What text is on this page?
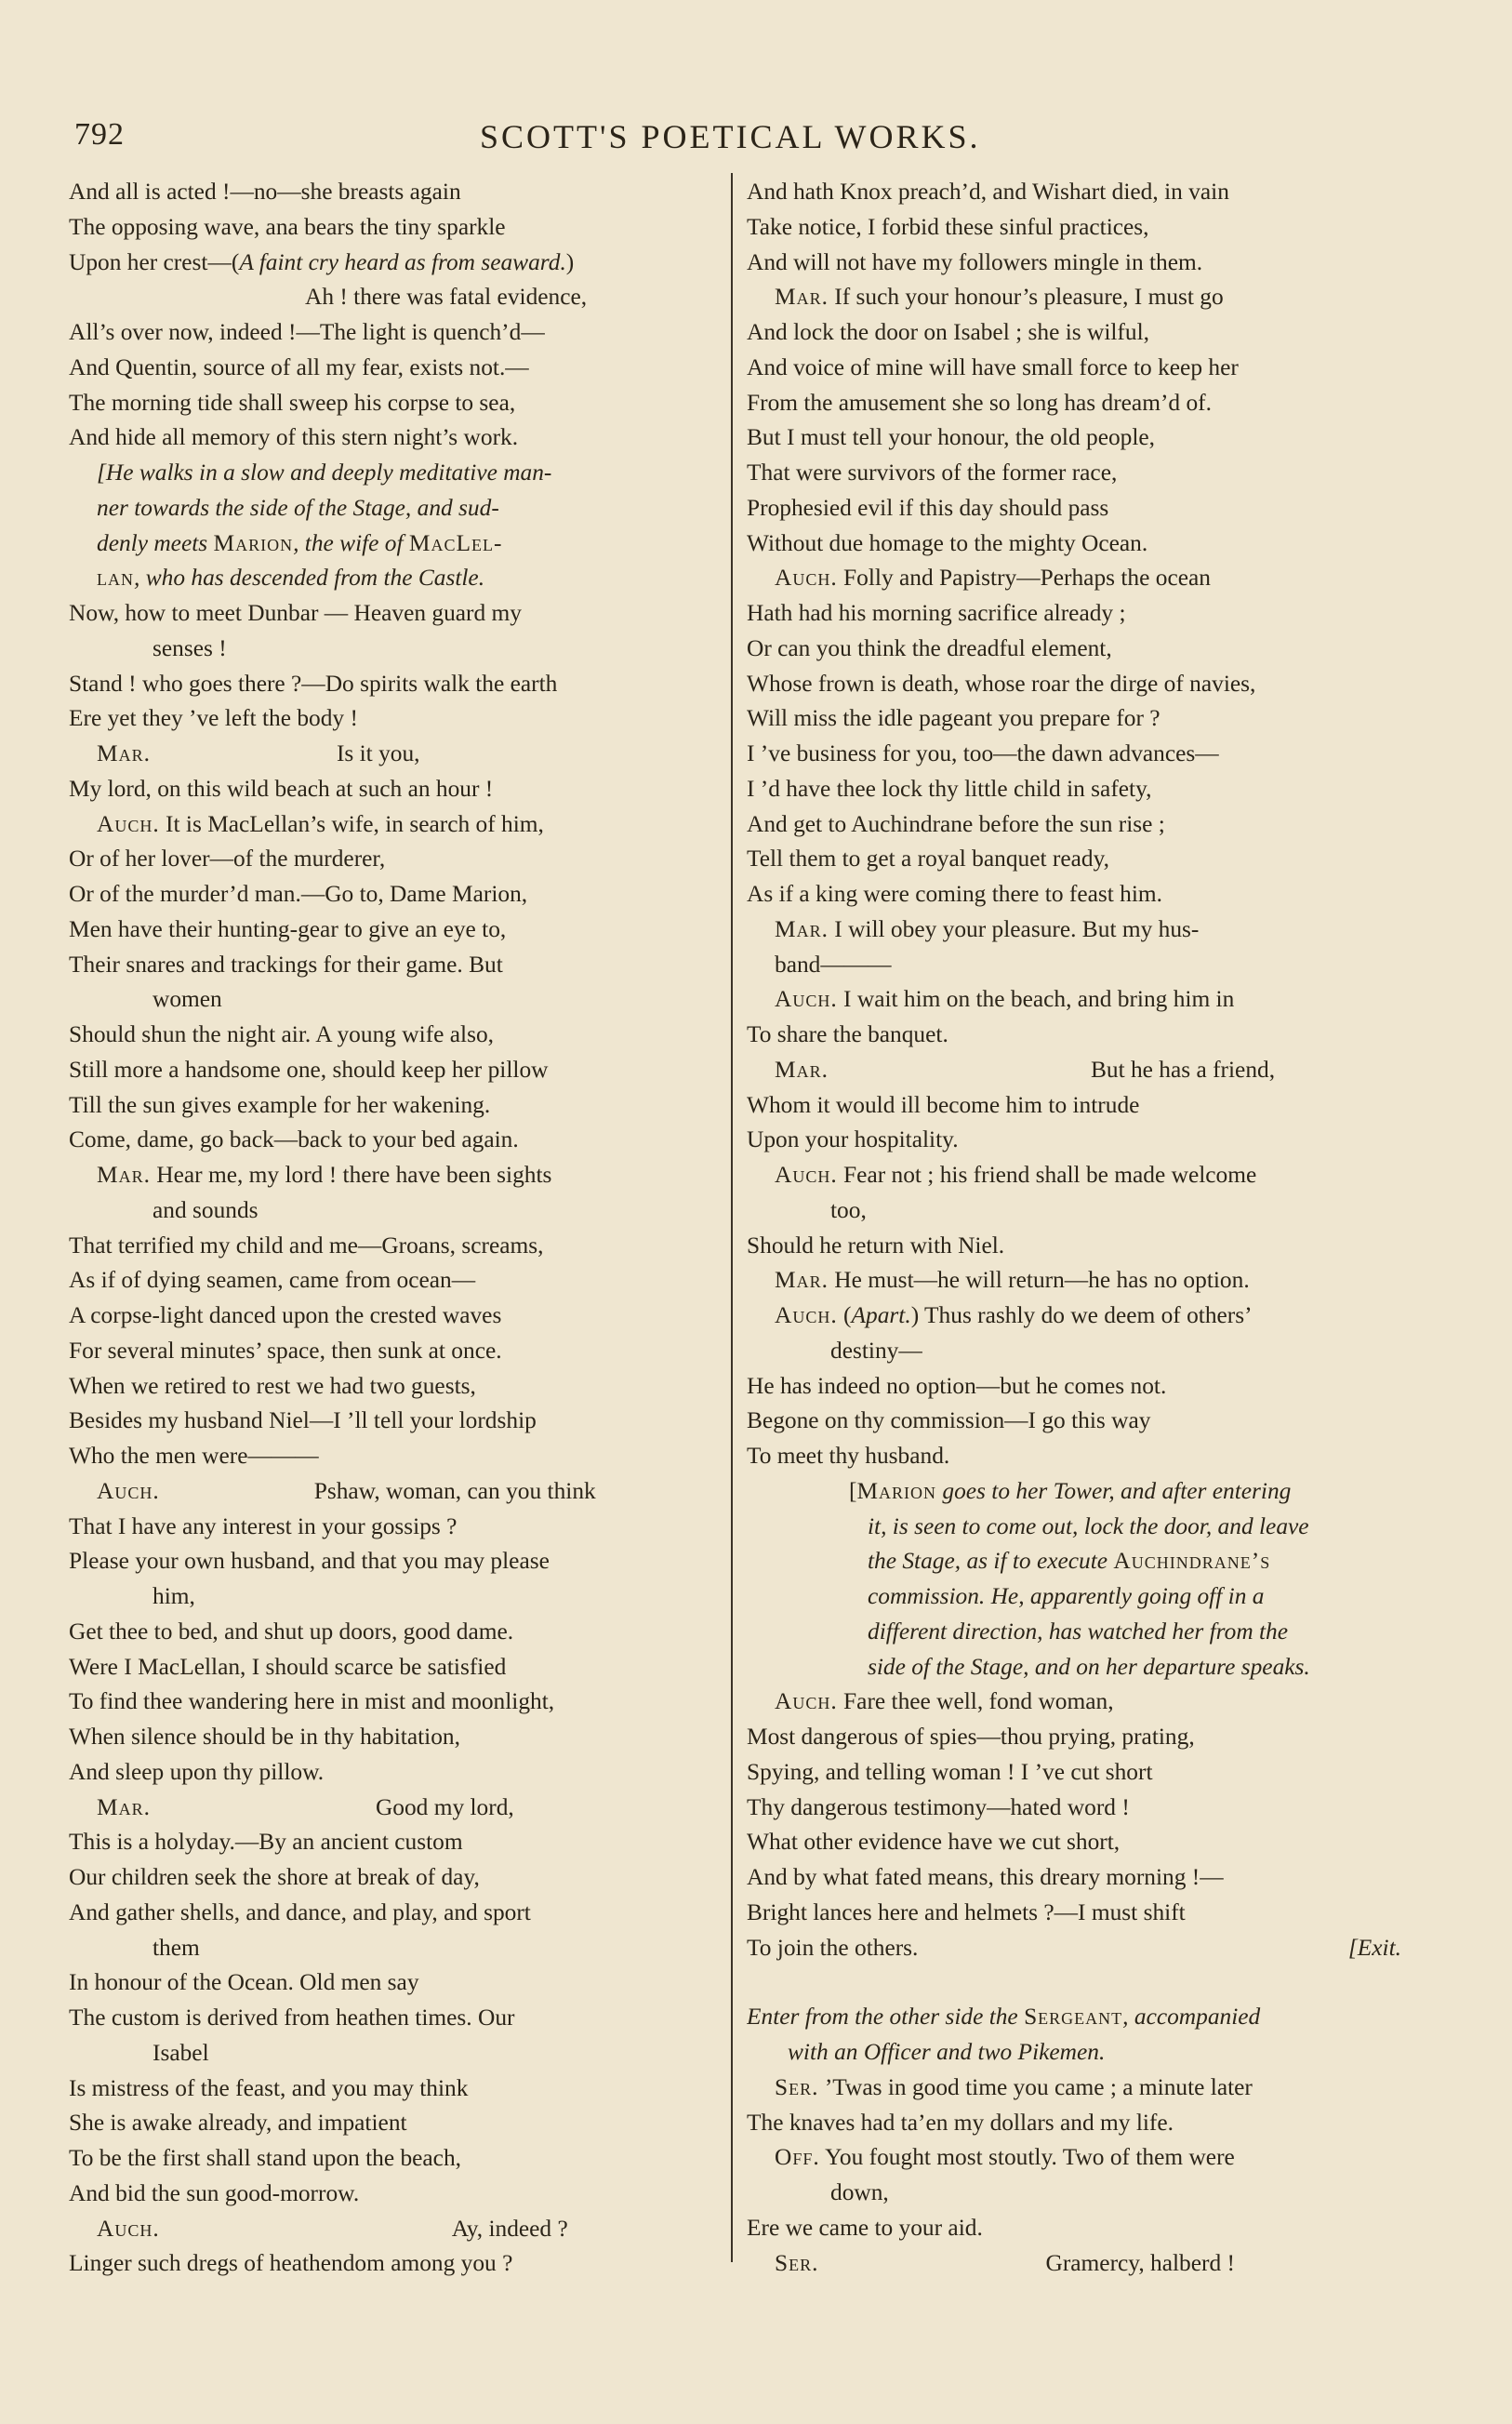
792	SCOTT'S POETICAL WORKS.
And all is acted !—no—she breasts again
The opposing wave, ana bears the tiny sparkle
Upon her crest—(A faint cry heard as from seaward.)
Ah ! there was fatal evidence,
All’s over now, indeed !—The light is quench’d—
And Quentin, source of all my fear, exists not.—
The morning tide shall sweep his corpse to sea,
And hide all memory of this stern night’s work.
[He walks in a slow and deeply meditative man-
ner towards the side of the Stage, and sud-
denly meets Marion, the wife of MacLel-
lan, who has descended from the Castle.
Now, how to meet Dunbar — Heaven guard my
senses !
Stand ! who goes there ?—Do spirits walk the earth
Ere yet they ’ve left the body !
Mar.	Is it you,
My lord, on this wild beach at such an hour !
Auch. It is MacLellan’s wife, in search of him,
Or of her lover—of the murderer,
Or of the murder’d man.—Go to, Dame Marion,
Men have their hunting-gear to give an eye to,
Their snares and trackings for their game. But
women
Should shun the night air. A young wife also,
Still more a handsome one, should keep her pillow
Till the sun gives example for her wakening.
Come, dame, go back—back to your bed again.
Mar. Hear me, my lord ! there have been sights
and sounds
That terrified my child and me—Groans, screams,
As if of dying seamen, came from ocean—
A corpse-light danced upon the crested waves
For several minutes’ space, then sunk at once.
When we retired to rest we had two guests,
Besides my husband Niel—I ’ll tell your lordship
Who the men were———
Auch.	Pshaw, woman, can you think
That I have any interest in your gossips ?
Please your own husband, and that you may please
him,
Get thee to bed, and shut up doors, good dame.
Were I MacLellan, I should scarce be satisfied
To find thee wandering here in mist and moonlight,
When silence should be in thy habitation,
And sleep upon thy pillow.
Mar.	Good my lord,
This is a holyday.—By an ancient custom
Our children seek the shore at break of day,
And gather shells, and dance, and play, and sport
them
In honour of the Ocean. Old men say
The custom is derived from heathen times. Our
Isabel
Is mistress of the feast, and you may think
She is awake already, and impatient
To be the first shall stand upon the beach,
And bid the sun good-morrow.
Auch.	Ay, indeed ?
Linger such dregs of heathendom among you ?
And hath Knox preach’d, and Wishart died, in vain
Take notice, I forbid these sinful practices,
And will not have my followers mingle in them.
Mar. If such your honour’s pleasure, I must go
And lock the door on Isabel ; she is wilful,
And voice of mine will have small force to keep her
From the amusement she so long has dream’d of.
But I must tell your honour, the old people,
That were survivors of the former race,
Prophesied evil if this day should pass
Without due homage to the mighty Ocean.
Auch. Folly and Papistry—Perhaps the ocean
Hath had his morning sacrifice already ;
Or can you think the dreadful element,
Whose frown is death, whose roar the dirge of navies,
Will miss the idle pageant you prepare for ?
I ’ve business for you, too—the dawn advances—
I ’d have thee lock thy little child in safety,
And get to Auchindrane before the sun rise ;
Tell them to get a royal banquet ready,
As if a king were coming there to feast him.
Mar. I will obey your pleasure. But my hus-
band———
Auch. I wait him on the beach, and bring him in
To share the banquet.
Mar.	But he has a friend,
Whom it would ill become him to intrude
Upon your hospitality.
Auch. Fear not ; his friend shall be made welcome
too,
Should he return with Niel.
Mar. He must—he will return—he has no option.
Auch. (Apart.) Thus rashly do we deem of others’
destiny—
He has indeed no option—but he comes not.
Begone on thy commission—I go this way
To meet thy husband.
[Marion goes to her Tower, and after entering
it, is seen to come out, lock the door, and leave
the Stage, as if to execute Auchindrane’s
commission. He, apparently going off in a
different direction, has watched her from the
side of the Stage, and on her departure speaks.
Auch. Fare thee well, fond woman,
Most dangerous of spies—thou prying, prating,
Spying, and telling woman ! I ’ve cut short
Thy dangerous testimony—hated word !
What other evidence have we cut short,
And by what fated means, this dreary morning !—
Bright lances here and helmets ?—I must shift
To join the others.	[Exit.
Enter from the other side the Sergeant, accompanied
with an Officer and two Pikemen.
Ser. ’Twas in good time you came ; a minute later
The knaves had ta’en my dollars and my life.
Off. You fought most stoutly. Two of them were
down,
Ere we came to your aid.
Ser.	Gramercy, halberd !
